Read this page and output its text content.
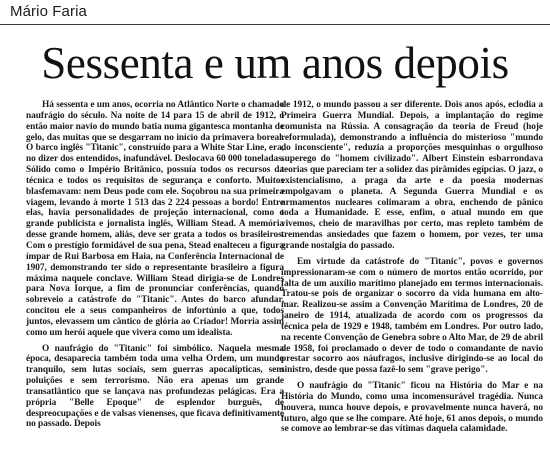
Mário Faria
Sessenta e um anos depois

Há sessenta e um anos, ocorria no Atlântico Norte o chamado naufrágio do século. Na noite de 14 para 15 de abril de 1912, o então maior navio do mundo batia numa gigantesca montanha de gelo, das muitas que se desgarram no início da primavera boreal. O barco inglês "Titanic", construído para a White Star Line, era, no dizer dos entendidos, inafundável. Deslocava 60 000 toneladas. Sólido como o Império Britânico, possuía todos os recursos da técnica e todos os requisitos de segurança e conforto. Muitos blasfemavam: nem Deus pode com ele. Soçobrou na sua primeira viagem, levando à morte 1 513 das 2 224 pessoas a bordo! Entre elas, havia personalidades de projeção internacional, como o grande publicista e jornalista inglês, William Stead. A memória desse grande homem, aliás, deve ser grata a todos os brasileiros. Com o prestígio formidável de sua pena, Stead enalteceu a figura ímpar de Rui Barbosa em Haia, na Conferência Internacional de 1907, demonstrando ter sido o representante brasileiro a figura máxima naquele conclave. William Stead dirigia-se de Londres para Nova Iorque, a fim de pronunciar conferências, quando sobreveio a catástrofe do "Titanic". Antes do barco afundar, concitou ele a seus companheiros de infortúnio a que, todos juntos, elevassem um cântico de glória ao Criador! Morria assim como um herói aquele que vivera como um idealista.

O naufrágio do "Titanic" foi simbólico. Naquela mesma época, desaparecia também toda uma velha Ordem, um mundo tranquilo, sem lutas sociais, sem guerras apocalípticas, sem poluições e sem terrorismo. Não era apenas um grande transatlântico que se lançava nas profundezas pelágicas. Era a própria "Belle Epoque" de esplendor burguês, de despreocupações e de valsas vienenses, que ficava definitivamente no passado. Depois

de 1912, o mundo passou a ser diferente. Dois anos após, eclodia a Primeira Guerra Mundial. Depois, a implantação do regime comunista na Rússia. A consagração da teoria de Freud (hoje reformulada), demonstrando a influência do misterioso "mundo do inconsciente", reduzia a proporções mesquinhas o orgulhoso superego do "homem civilizado". Albert Einstein esbarrondava teorias que pareciam ter a solidez das pirâmides egípcias. O jazz, o existencialismo, a praga da arte e da poesia modernas empolgavam o planeta. A Segunda Guerra Mundial e os armamentos nucleares colimaram a obra, enchendo de pânico toda a Humanidade. E esse, enfim, o atual mundo em que vivemos, cheio de maravilhas por certo, mas repleto também de tremendas ansiedades que fazem o homem, por vezes, ter uma grande nostalgia do passado.

Em virtude da catástrofe do "Titanic", povos e governos impressionaram-se com o número de mortos então ocorrido, por falta de um auxílio marítimo planejado em termos internacionais. Tratou-se pois de organizar o socorro da vida humana em alto-mar. Realizou-se assim a Convenção Marítima de Londres, 20 de janeiro de 1914, atualizada de acordo com os progressos da técnica pela de 1929 e 1948, também em Londres. Por outro lado, na recente Convenção de Genebra sobre o Alto Mar, de 29 de abril de 1958, foi proclamado o dever de todo o comandante de navio prestar socorro aos náufragos, inclusive dirigindo-se ao local do sinistro, desde que possa fazê-lo sem "grave perigo".

O naufrágio do "Titanic" ficou na História do Mar e na História do Mundo, como uma incomensurável tragédia. Nunca houvera, nunca houve depois, e provavelmente nunca haverá, no futuro, algo que se lhe compare. Até hoje, 61 anos depois, o mundo se comove ao lembrar-se das vítimas daquela calamidade.
